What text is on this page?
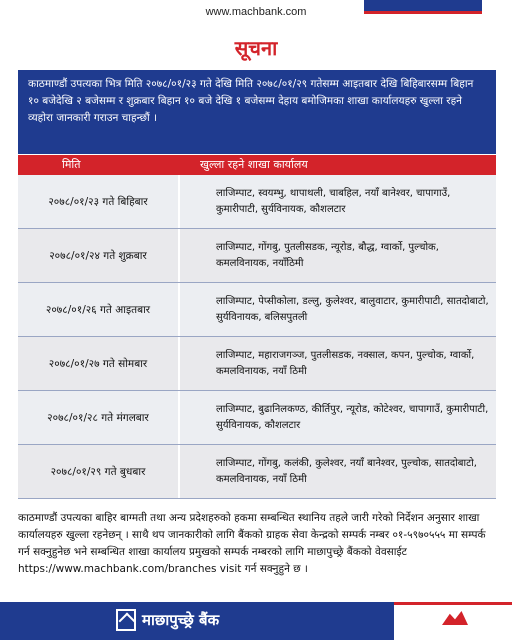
www.machbank.com
सूचना
काठमाण्डौं उपत्यका भित्र मिति २०७८/०१/२३ गते देखि मिति २०७८/०१/२९ गतेसम्म आइतबार देखि बिहिबारसम्म बिहान १० बजेदेखि २ बजेसम्म र शुक्रबार बिहान १० बजे देखि १ बजेसम्म देहाय बमोजिमका शाखा कार्यालयहरु खुल्ला रहने व्यहोरा जानकारी गराउन चाहन्छौं ।
मिति	खुल्ला रहने शाखा कार्यालय
२०७८/०१/२३ गते बिहिबार
लाजिम्पाट, स्वयम्भु, थापाथली, चाबहिल, नयाँ बानेश्वर, चापागाउँ, कुमारीपाटी, सुर्यविनायक, कौशलटार
२०७८/०१/२४ गते शुक्रबार
लाजिम्पाट, गोंगबु, पुतलीसडक, न्यूरोड, बौद्ध, ग्वार्को, पुल्चोक, कमलविनायक, नयाँठिमी
२०७८/०१/२६ गते आइतबार
लाजिम्पाट, पेप्सीकोला, डल्लु, कुलेश्वर, बालुवाटार, कुमारीपाटी, सातदोबाटो, सुर्यविनायक, बलिसपुतली
२०७८/०१/२७ गते सोमबार
लाजिम्पाट, महाराजगञ्ज, पुतलीसडक, नक्साल, कपन, पुल्चोक, ग्वार्को, कमलविनायक, नयाँ ठिमी
२०७८/०१/२८ गते मंगलबार
लाजिम्पाट, बुढानिलकण्ठ, कीर्तिपुर, न्यूरोड, कोटेश्वर, चापागाउँ, कुमारीपाटी, सुर्यविनायक, कौशलटार
२०७८/०१/२९ गते बुधबार
लाजिम्पाट, गोंगबु, कलंकी, कुलेश्वर, नयाँ बानेश्वर, पुल्चोक, सातदोबाटो, कमलविनायक, नयाँ ठिमी
काठमाण्डौं उपत्यका बाहिर बाग्मती तथा अन्य प्रदेशहरुको हकमा सम्बन्धित स्थानिय तहले जारी गरेको निर्देशन अनुसार शाखा कार्यालयहरु खुल्ला रहनेछन् । साथै थप जानकारीको लागि बैंकको ग्राहक सेवा केन्द्रको सम्पर्क नम्बर ०१-५९७०५५५ मा सम्पर्क गर्न सक्नुहुनेछ भने सम्बन्धित शाखा कार्यालय प्रमुखको सम्पर्क नम्बरको लागि माछापुच्छ्रे बैंकको वेवसाईट https://www.machbank.com/branches visit गर्न सक्नुहुने छ ।
माछापुच्छ्रे बैंक
